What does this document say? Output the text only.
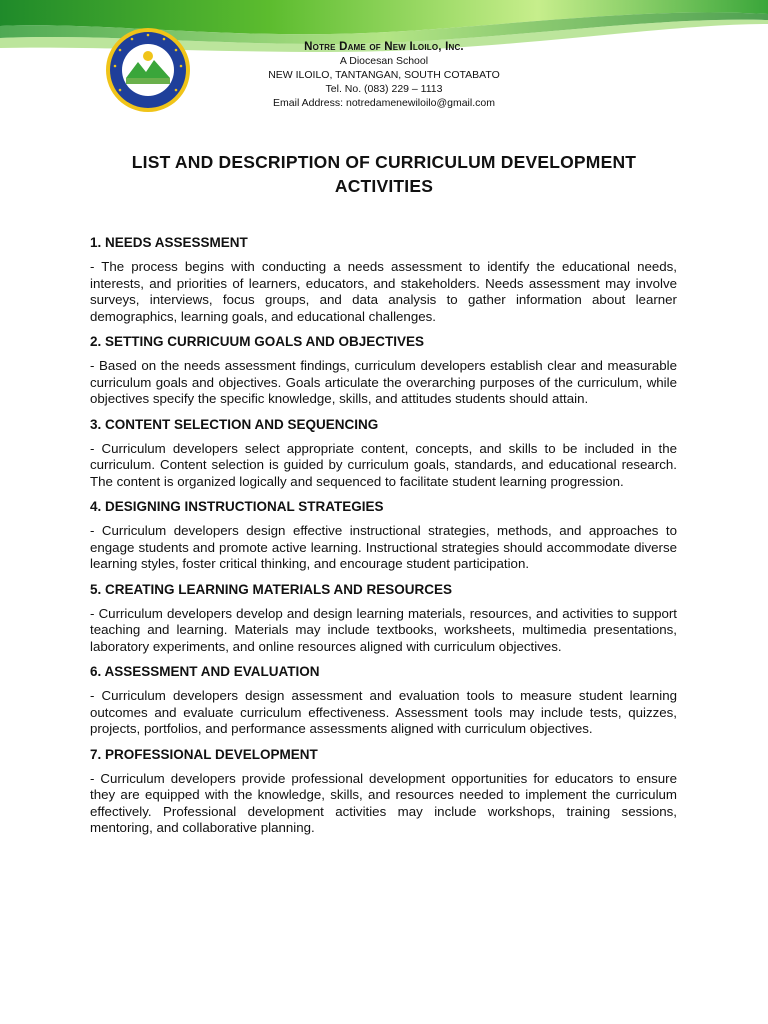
Notre Dame of New Iloilo, Inc.
A Diocesan School
NEW ILOILO, TANTANGAN, SOUTH COTABATO
Tel. No. (083) 229 – 1113
Email Address: notredamenewiloilo@gmail.com
LIST AND DESCRIPTION OF CURRICULUM DEVELOPMENT
ACTIVITIES
1. NEEDS ASSESSMENT
- The process begins with conducting a needs assessment to identify the educational needs, interests, and priorities of learners, educators, and stakeholders. Needs assessment may involve surveys, interviews, focus groups, and data analysis to gather information about learner demographics, learning goals, and educational challenges.
2. SETTING CURRICUUM GOALS AND OBJECTIVES
- Based on the needs assessment findings, curriculum developers establish clear and measurable curriculum goals and objectives. Goals articulate the overarching purposes of the curriculum, while objectives specify the specific knowledge, skills, and attitudes students should attain.
3. CONTENT SELECTION AND SEQUENCING
- Curriculum developers select appropriate content, concepts, and skills to be included in the curriculum. Content selection is guided by curriculum goals, standards, and educational research. The content is organized logically and sequenced to facilitate student learning progression.
4. DESIGNING INSTRUCTIONAL STRATEGIES
- Curriculum developers design effective instructional strategies, methods, and approaches to engage students and promote active learning. Instructional strategies should accommodate diverse learning styles, foster critical thinking, and encourage student participation.
5. CREATING LEARNING MATERIALS AND RESOURCES
- Curriculum developers develop and design learning materials, resources, and activities to support teaching and learning. Materials may include textbooks, worksheets, multimedia presentations, laboratory experiments, and online resources aligned with curriculum objectives.
6. ASSESSMENT AND EVALUATION
- Curriculum developers design assessment and evaluation tools to measure student learning outcomes and evaluate curriculum effectiveness. Assessment tools may include tests, quizzes, projects, portfolios, and performance assessments aligned with curriculum objectives.
7. PROFESSIONAL DEVELOPMENT
- Curriculum developers provide professional development opportunities for educators to ensure they are equipped with the knowledge, skills, and resources needed to implement the curriculum effectively. Professional development activities may include workshops, training sessions, mentoring, and collaborative planning.
